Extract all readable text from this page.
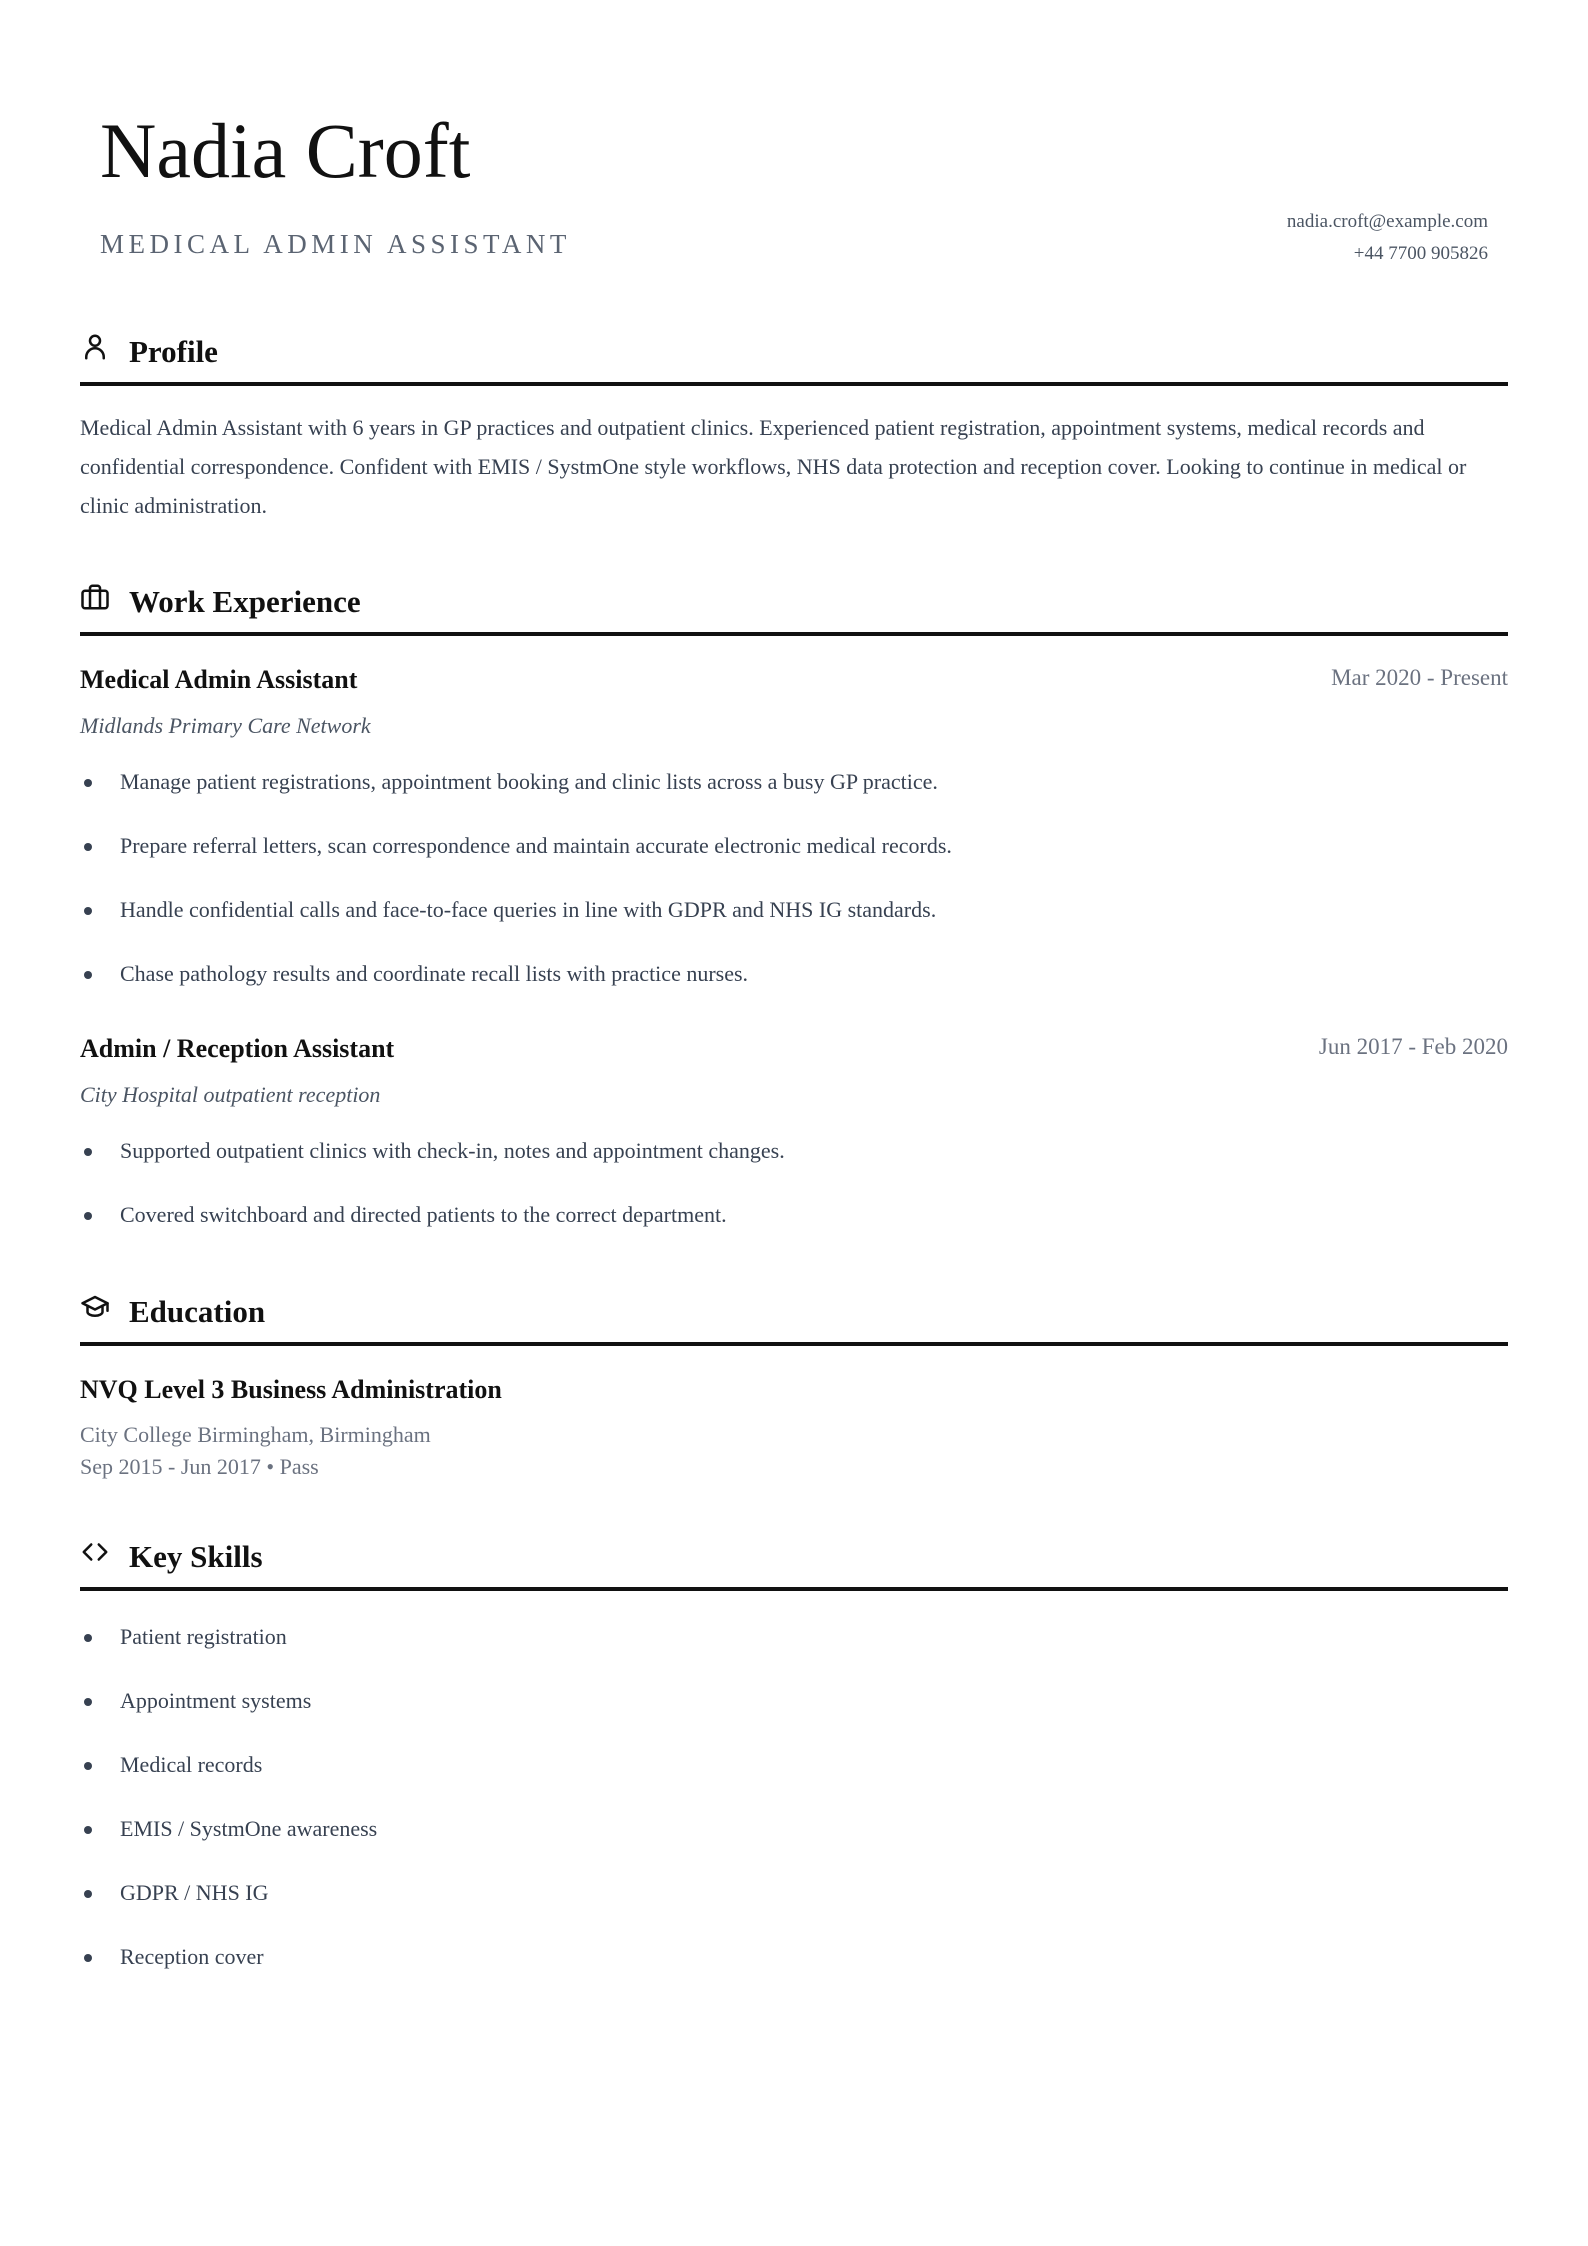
Nadia Croft
MEDICAL ADMIN ASSISTANT
nadia.croft@example.com
+44 7700 905826
Profile

Medical Admin Assistant with 6 years in GP practices and outpatient clinics. Experienced patient registration, appointment systems, medical records and confidential correspondence. Confident with EMIS / SystmOne style workflows, NHS data protection and reception cover. Looking to continue in medical or clinic administration.

Work Experience
Medical Admin Assistant	Mar 2020 - Present
Midlands Primary Care Network
Manage patient registrations, appointment booking and clinic lists across a busy GP practice.
Prepare referral letters, scan correspondence and maintain accurate electronic medical records.
Handle confidential calls and face-to-face queries in line with GDPR and NHS IG standards.
Chase pathology results and coordinate recall lists with practice nurses.
Admin / Reception Assistant	Jun 2017 - Feb 2020
City Hospital outpatient reception
Supported outpatient clinics with check-in, notes and appointment changes.
Covered switchboard and directed patients to the correct department.
Education
NVQ Level 3 Business Administration
City College Birmingham, Birmingham
Sep 2015 - Jun 2017 • Pass
Key Skills
Patient registration
Appointment systems
Medical records
EMIS / SystmOne awareness
GDPR / NHS IG
Reception cover
